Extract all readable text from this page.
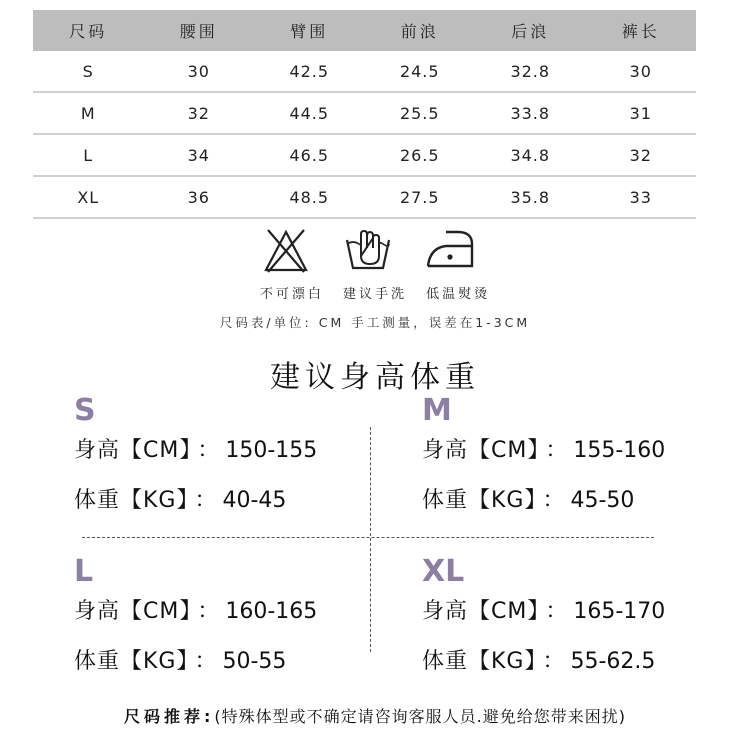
尺码	腰围	臂围	前浪	后浪	裤长
S	30	42.5	24.5	32.8	30
M	32	44.5	25.5	33.8	31
L	34	46.5	26.5	34.8	32
XL	36	48.5	27.5	35.8	33
不可漂白 建议手洗 低温熨烫
尺码表/单位: CM 手工测量，误差在1-3CM
建议身高体重
S
身高【CM】 ： 150-155
体重【KG】 ： 40-45
M
身高【CM】 ： 155-160
体重【KG】 ： 45-50
L
身高【CM】 ： 160-165
体重【KG】 ： 50-55
XL
身高【CM】 ： 165-170
体重【KG】 ： 55-62.5
尺码推荐:(特殊体型或不确定请咨询客服人员.避免给您带来困扰)
